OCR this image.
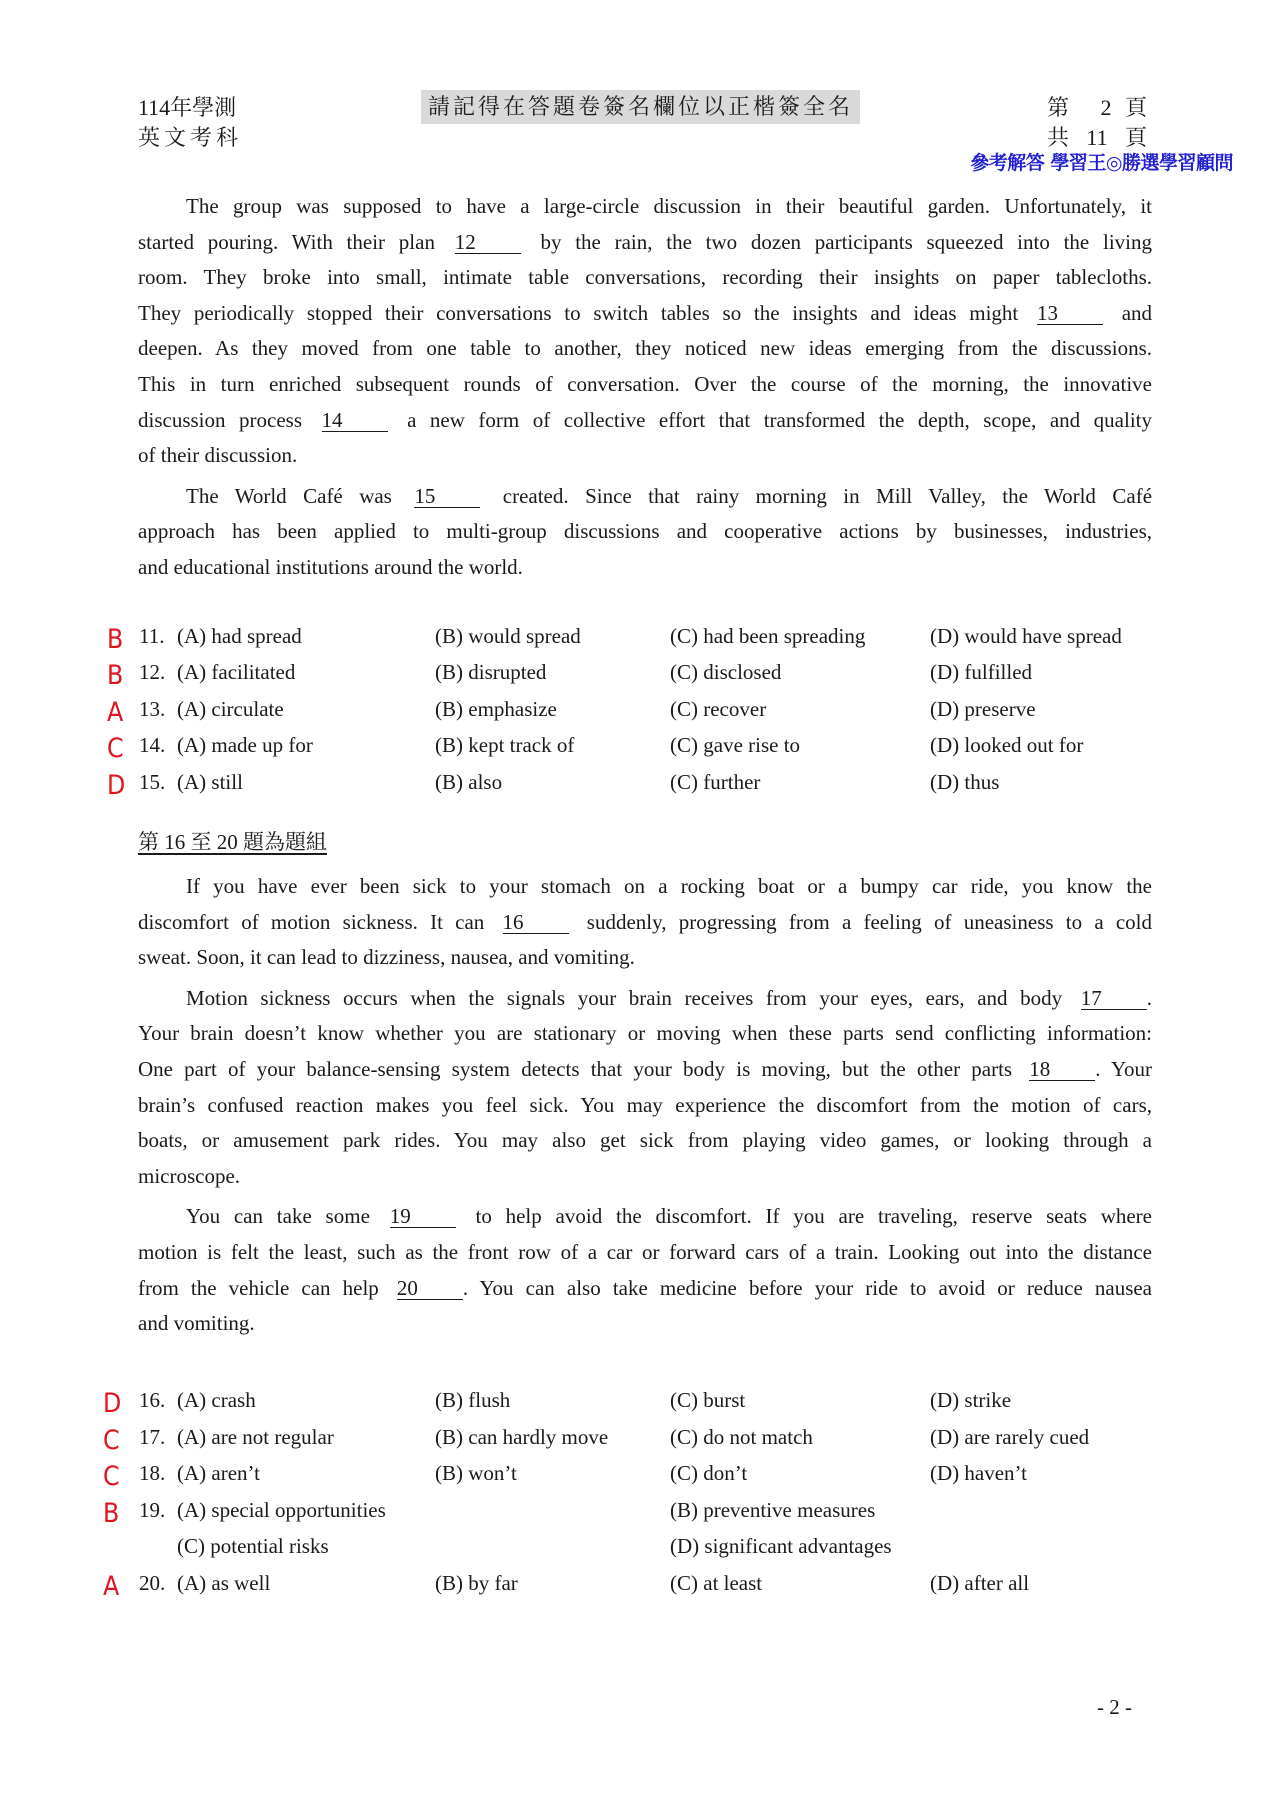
114年學測
英文考科
請記得在答題卷簽名欄位以正楷簽全名	第	2 頁
共 11 頁
參考解答 學習王◎勝選學習顧問
The group was supposed to have a large-circle discussion in their beautiful garden. Unfortunately, it
started pouring. With their plan 12	by the rain, the two dozen participants squeezed into the living
room. They broke into small, intimate table conversations, recording their insights on paper tablecloths.
They periodically stopped their conversations to switch tables so the insights and ideas might 13	and
deepen. As they moved from one table to another, they noticed new ideas emerging from the discussions.
This in turn enriched subsequent rounds of conversation. Over the course of the morning, the innovative
discussion process 14	a new form of collective effort that transformed the depth, scope, and quality
of their discussion.
The World Café was 15	created. Since that rainy morning in Mill Valley, the World Café
approach has been applied to multi-group discussions and cooperative actions by businesses, industries,
and educational institutions around the world.
B 11. (A) had spread	(B) would spread	(C) had been spreading	(D) would have spread
B 12. (A) facilitated	(B) disrupted	(C) disclosed	(D) fulfilled
A 13. (A) circulate	(B) emphasize	(C) recover	(D) preserve
C 14. (A) made up for	(B) kept track of	(C) gave rise to	(D) looked out for
D 15. (A) still	(B) also	(C) further	(D) thus
第 16 至 20 題為題組
If you have ever been sick to your stomach on a rocking boat or a bumpy car ride, you know the
discomfort of motion sickness. It can 16	suddenly, progressing from a feeling of uneasiness to a cold
sweat. Soon, it can lead to dizziness, nausea, and vomiting.
Motion sickness occurs when the signals your brain receives from your eyes, ears, and body 17 .
Your brain doesn’t know whether you are stationary or moving when these parts send conflicting information:
One part of your balance-sensing system detects that your body is moving, but the other parts 18 . Your
brain’s confused reaction makes you feel sick. You may experience the discomfort from the motion of cars,
boats, or amusement park rides. You may also get sick from playing video games, or looking through a
microscope.
You can take some 19	to help avoid the discomfort. If you are traveling, reserve seats where
motion is felt the least, such as the front row of a car or forward cars of a train. Looking out into the distance
from the vehicle can help 20 . You can also take medicine before your ride to avoid or reduce nausea
and vomiting.
D 16. (A) crash	(B) flush	(C) burst	(D) strike
C 17. (A) are not regular	(B) can hardly move	(C) do not match	(D) are rarely cued
C 18. (A) aren’t	(B) won’t	(C) don’t	(D) haven’t
B 19. (A) special opportunities	(B) preventive measures
(C) potential risks	(D) significant advantages
A 20. (A) as well	(B) by far	(C) at least	(D) after all
- 2 -
